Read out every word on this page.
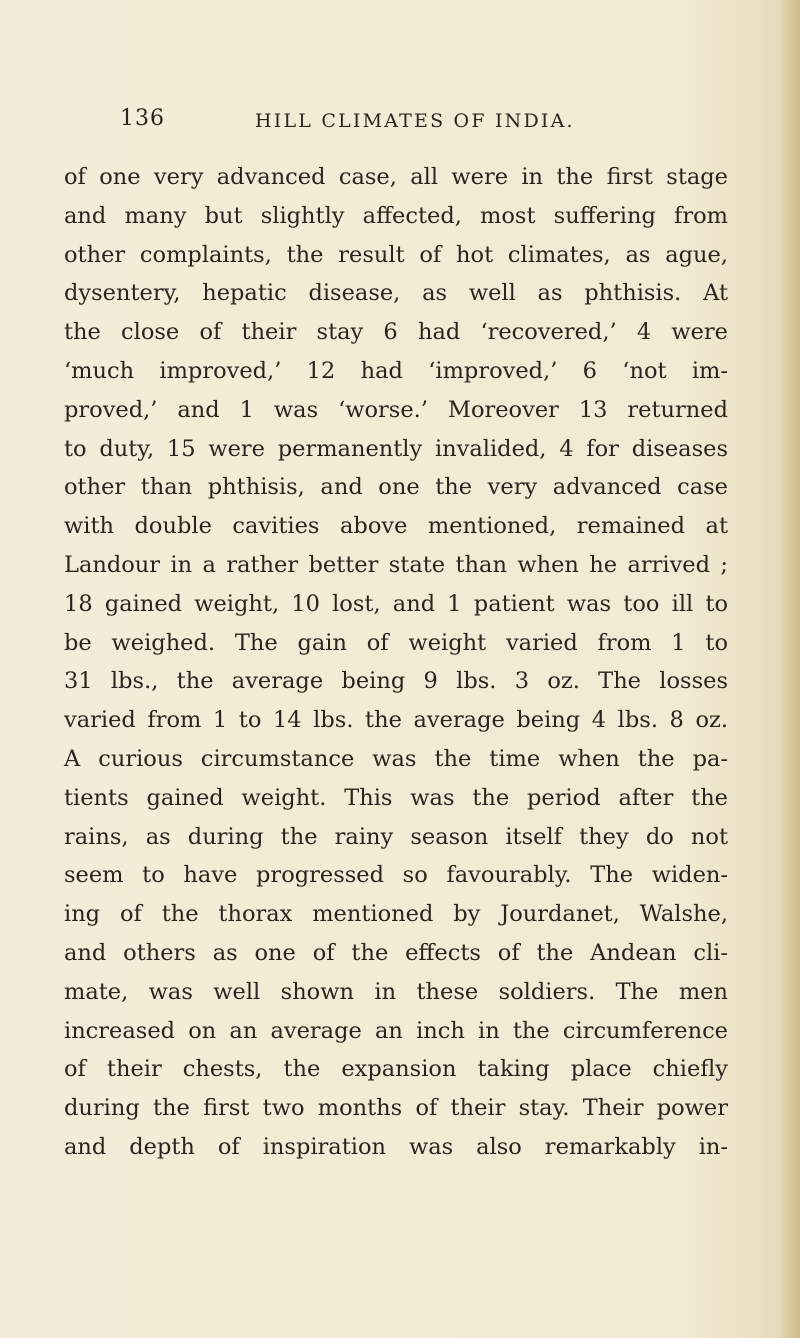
136	HILL CLIMATES OF INDIA.
of one very advanced case, all were in the first stage
and many but slightly affected, most suffering from
other complaints, the result of hot climates, as ague,
dysentery, hepatic disease, as well as phthisis. At
the close of their stay 6 had ‘recovered,’ 4 were
‘much improved,’ 12 had ‘improved,’ 6 ‘not im-
proved,’ and 1 was ‘worse.’ Moreover 13 returned
to duty, 15 were permanently invalided, 4 for diseases
other than phthisis, and one the very advanced case
with double cavities above mentioned, remained at
Landour in a rather better state than when he arrived ;
18 gained weight, 10 lost, and 1 patient was too ill to
be weighed. The gain of weight varied from 1 to
31 lbs., the average being 9 lbs. 3 oz. The losses
varied from 1 to 14 lbs. the average being 4 lbs. 8 oz.
A curious circumstance was the time when the pa-
tients gained weight. This was the period after the
rains, as during the rainy season itself they do not
seem to have progressed so favourably. The widen-
ing of the thorax mentioned by Jourdanet, Walshe,
and others as one of the effects of the Andean cli-
mate, was well shown in these soldiers. The men
increased on an average an inch in the circumference
of their chests, the expansion taking place chiefly
during the first two months of their stay. Their power
and depth of inspiration was also remarkably in-
